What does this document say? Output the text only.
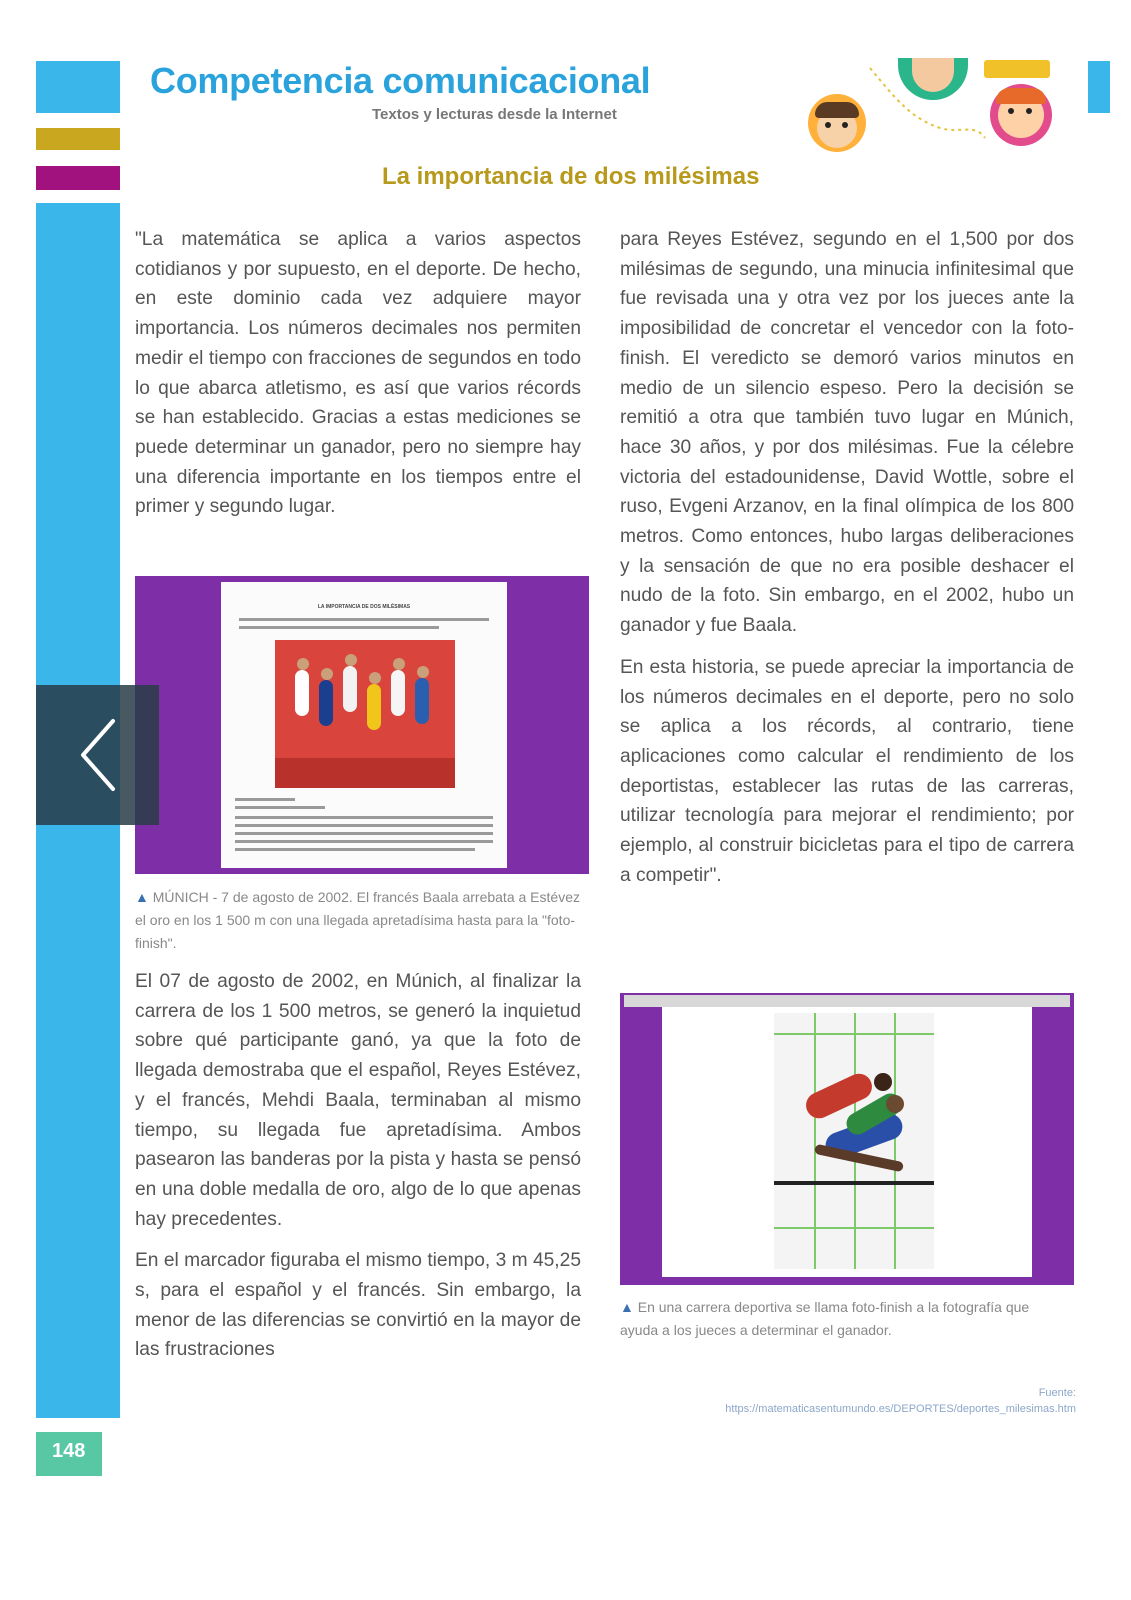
Competencia comunicacional
Textos y lecturas desde la Internet
La importancia de dos milésimas

"La matemática se aplica a varios aspectos cotidianos y por supuesto, en el deporte. De hecho, en este dominio cada vez adquiere mayor importancia. Los números decimales nos permiten medir el tiempo con fracciones de segundos en todo lo que abarca atletismo, es así que varios récords se han establecido. Gracias a estas mediciones se puede determinar un ganador, pero no siempre hay una diferencia importante en los tiempos entre el primer y segundo lugar.

LA IMPORTANCIA DE DOS MILÉSIMAS
▲ MÚNICH - 7 de agosto de 2002. El francés Baala arrebata a Estévez el oro en los 1 500 m con una llegada apretadísima hasta para la "foto-finish".

El 07 de agosto de 2002, en Múnich, al finalizar la carrera de los 1 500 metros, se generó la inquietud sobre qué participante ganó, ya que la foto de llegada demostraba que el español, Reyes Estévez, y el francés, Mehdi Baala, terminaban al mismo tiempo, su llegada fue apretadísima. Ambos pasearon las banderas por la pista y hasta se pensó en una doble medalla de oro, algo de lo que apenas hay precedentes.

En el marcador figuraba el mismo tiempo, 3 m 45,25 s, para el español y el francés. Sin embargo, la menor de las diferencias se convirtió en la mayor de las frustraciones

para Reyes Estévez, segundo en el 1,500 por dos milésimas de segundo, una minucia infinitesimal que fue revisada una y otra vez por los jueces ante la imposibilidad de concretar el vencedor con la foto-finish. El veredicto se demoró varios minutos en medio de un silencio espeso. Pero la decisión se remitió a otra que también tuvo lugar en Múnich, hace 30 años, y por dos milésimas. Fue la célebre victoria del estadounidense, David Wottle, sobre el ruso, Evgeni Arzanov, en la final olímpica de los 800 metros. Como entonces, hubo largas deliberaciones y la sensación de que no era posible deshacer el nudo de la foto. Sin embargo, en el 2002, hubo un ganador y fue Baala.

En esta historia, se puede apreciar la importancia de los números decimales en el deporte, pero no solo se aplica a los récords, al contrario, tiene aplicaciones como calcular el rendimiento de los deportistas, establecer las rutas de las carreras, utilizar tecnología para mejorar el rendimiento; por ejemplo, al construir bicicletas para el tipo de carrera a competir".

▲ En una carrera deportiva se llama foto-finish a la fotografía que ayuda a los jueces a determinar el ganador.
Fuente: https://matematicasentumundo.es/DEPORTES/deportes_milesimas.htm
148
